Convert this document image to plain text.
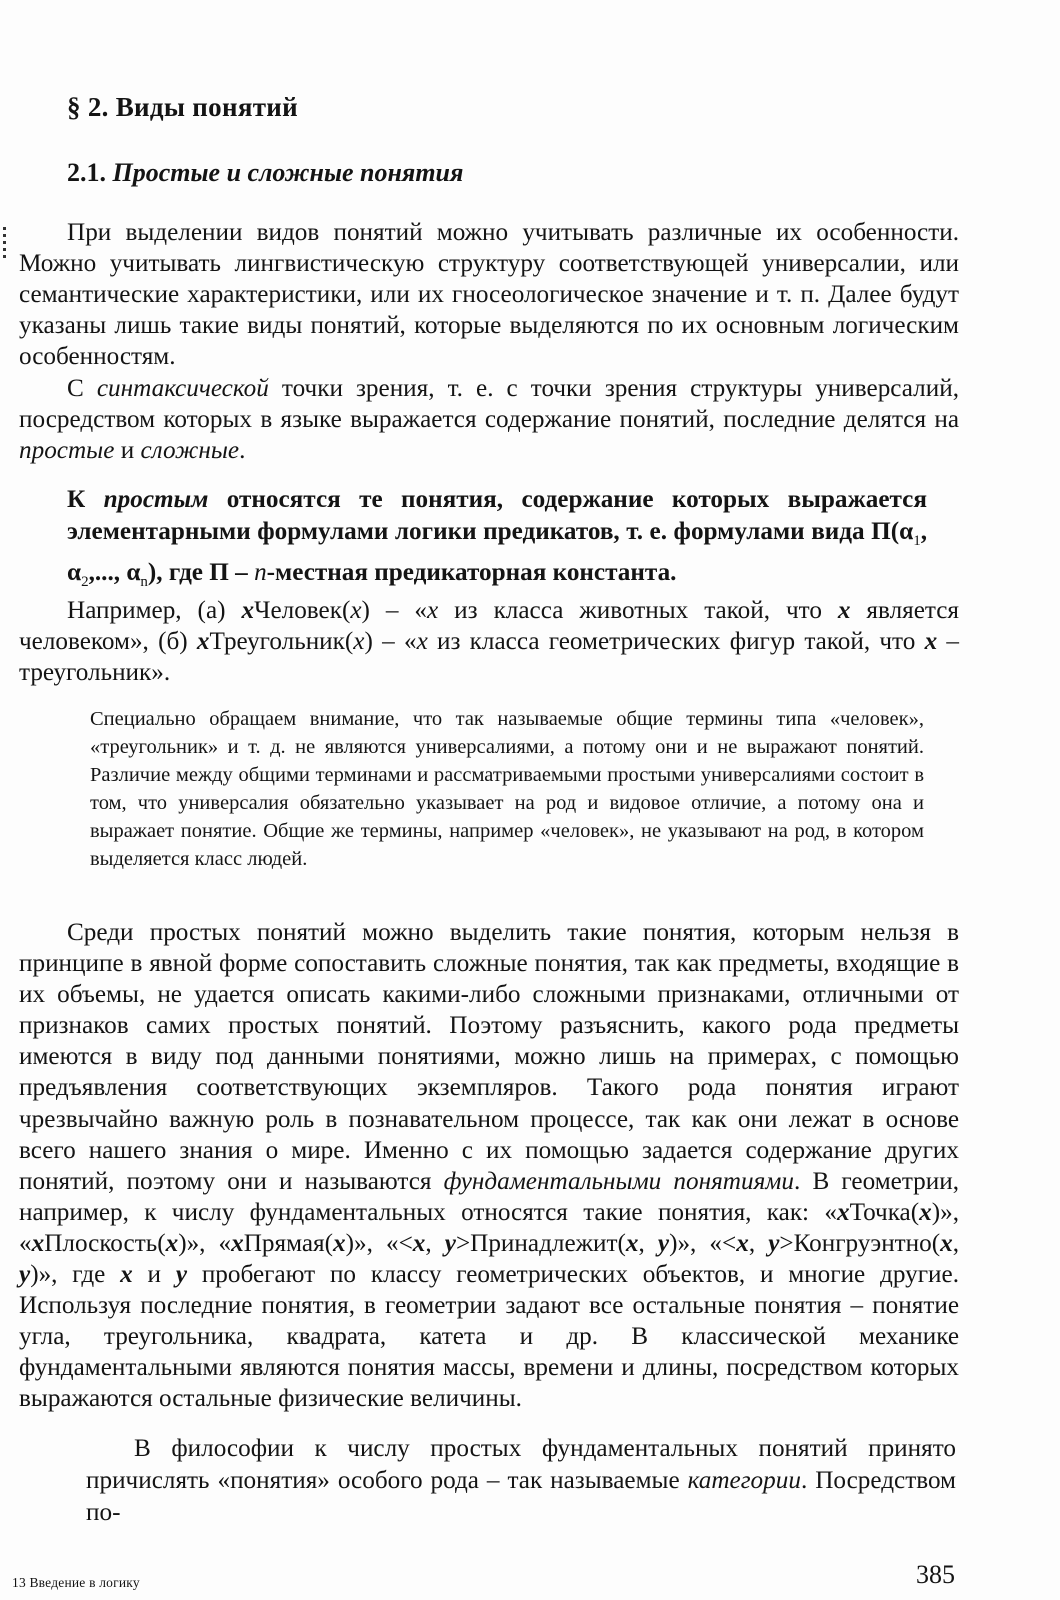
§ 2. Виды понятий
2.1. Простые и сложные понятия
При выделении видов понятий можно учитывать различные их особенности. Можно учитывать лингвистическую структуру соответствующей универсалии, или семантические характеристики, или их гносеологическое значение и т. п. Далее будут указаны лишь такие виды понятий, которые выделяются по их основным логическим особенностям.
С синтаксической точки зрения, т. е. с точки зрения структуры универсалий, посредством которых в языке выражается содержание понятий, последние делятся на простые и сложные.
К простым относятся те понятия, содержание которых выражается элементарными формулами логики предикатов, т. е. формулами вида $П(\alpha_1$, $\alpha_2$,..., $\alpha_n$), где П – n-местная предикаторная константа.
Например, (а) xЧеловек(x) – «x из класса животных такой, что x является человеком», (б) xТреугольник(x) – «x из класса геометрических фигур такой, что x – треугольник».
Специально обращаем внимание, что так называемые общие термины типа «человек», «треугольник» и т. д. не являются универсалиями, а потому они и не выражают понятий. Различие между общими терминами и рассматриваемыми простыми универсалиями состоит в том, что универсалия обязательно указывает на род и видовое отличие, а потому она и выражает понятие. Общие же термины, например «человек», не указывают на род, в котором выделяется класс людей.
Среди простых понятий можно выделить такие понятия, которым нельзя в принципе в явной форме сопоставить сложные понятия, так как предметы, входящие в их объемы, не удается описать какими-либо сложными признаками, отличными от признаков самих простых понятий. Поэтому разъяснить, какого рода предметы имеются в виду под данными понятиями, можно лишь на примерах, с помощью предъявления соответствующих экземпляров. Такого рода понятия играют чрезвычайно важную роль в познавательном процессе, так как они лежат в основе всего нашего знания о мире. Именно с их помощью задается содержание других понятий, поэтому они и называются фундаментальными понятиями. В геометрии, например, к числу фундаментальных относятся такие понятия, как: «xТочка(x)», «xПлоскость(x)», «xПрямая(x)», «<x, y>Принадлежит(x, y)», «<x, y>Конгруэнтно(x, y)», где x и y пробегают по классу геометрических объектов, и многие другие. Используя последние понятия, в геометрии задают все остальные понятия – понятие угла, треугольника, квадрата, катета и др. В классической механике фундаментальными являются понятия массы, времени и длины, посредством которых выражаются остальные физические величины.
В философии к числу простых фундаментальных понятий принято причислять «понятия» особого рода – так называемые категории. Посредством по-
13 Введение в логику	385
